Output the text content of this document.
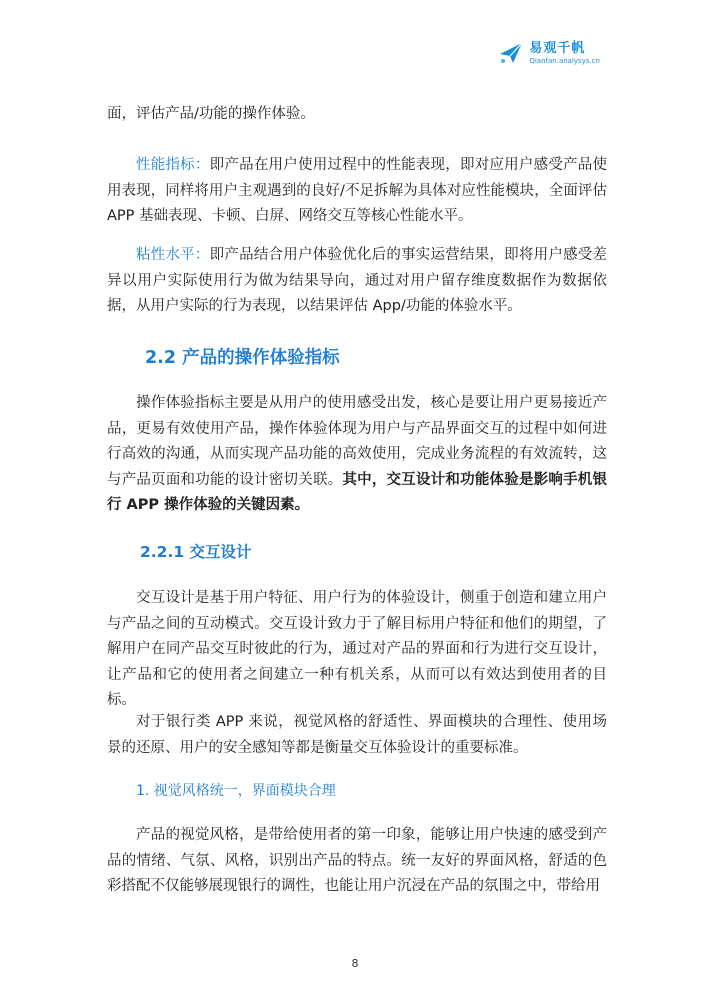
易观千帆
Qianfan.analysys.cn
面，评估产品/功能的操作体验。
性能指标：即产品在用户使用过程中的性能表现，即对应用户感受产品使用表现，同样将用户主观遇到的良好/不足拆解为具体对应性能模块，全面评估 APP 基础表现、卡顿、白屏、网络交互等核心性能水平。
粘性水平：即产品结合用户体验优化后的事实运营结果，即将用户感受差异以用户实际使用行为做为结果导向，通过对用户留存维度数据作为数据依据，从用户实际的行为表现，以结果评估 App/功能的体验水平。
2.2 产品的操作体验指标
操作体验指标主要是从用户的使用感受出发，核心是要让用户更易接近产品，更易有效使用产品，操作体验体现为用户与产品界面交互的过程中如何进行高效的沟通，从而实现产品功能的高效使用，完成业务流程的有效流转，这与产品页面和功能的设计密切关联。其中，交互设计和功能体验是影响手机银行 APP 操作体验的关键因素。
2.2.1 交互设计
交互设计是基于用户特征、用户行为的体验设计，侧重于创造和建立用户与产品之间的互动模式。交互设计致力于了解目标用户特征和他们的期望，了解用户在同产品交互时彼此的行为，通过对产品的界面和行为进行交互设计，让产品和它的使用者之间建立一种有机关系，从而可以有效达到使用者的目标。
对于银行类 APP 来说，视觉风格的舒适性、界面模块的合理性、使用场景的还原、用户的安全感知等都是衡量交互体验设计的重要标准。
1. 视觉风格统一，界面模块合理
产品的视觉风格，是带给使用者的第一印象，能够让用户快速的感受到产品的情绪、气氛、风格，识别出产品的特点。统一友好的界面风格，舒适的色彩搭配不仅能够展现银行的调性，也能让用户沉浸在产品的氛围之中，带给用
8
